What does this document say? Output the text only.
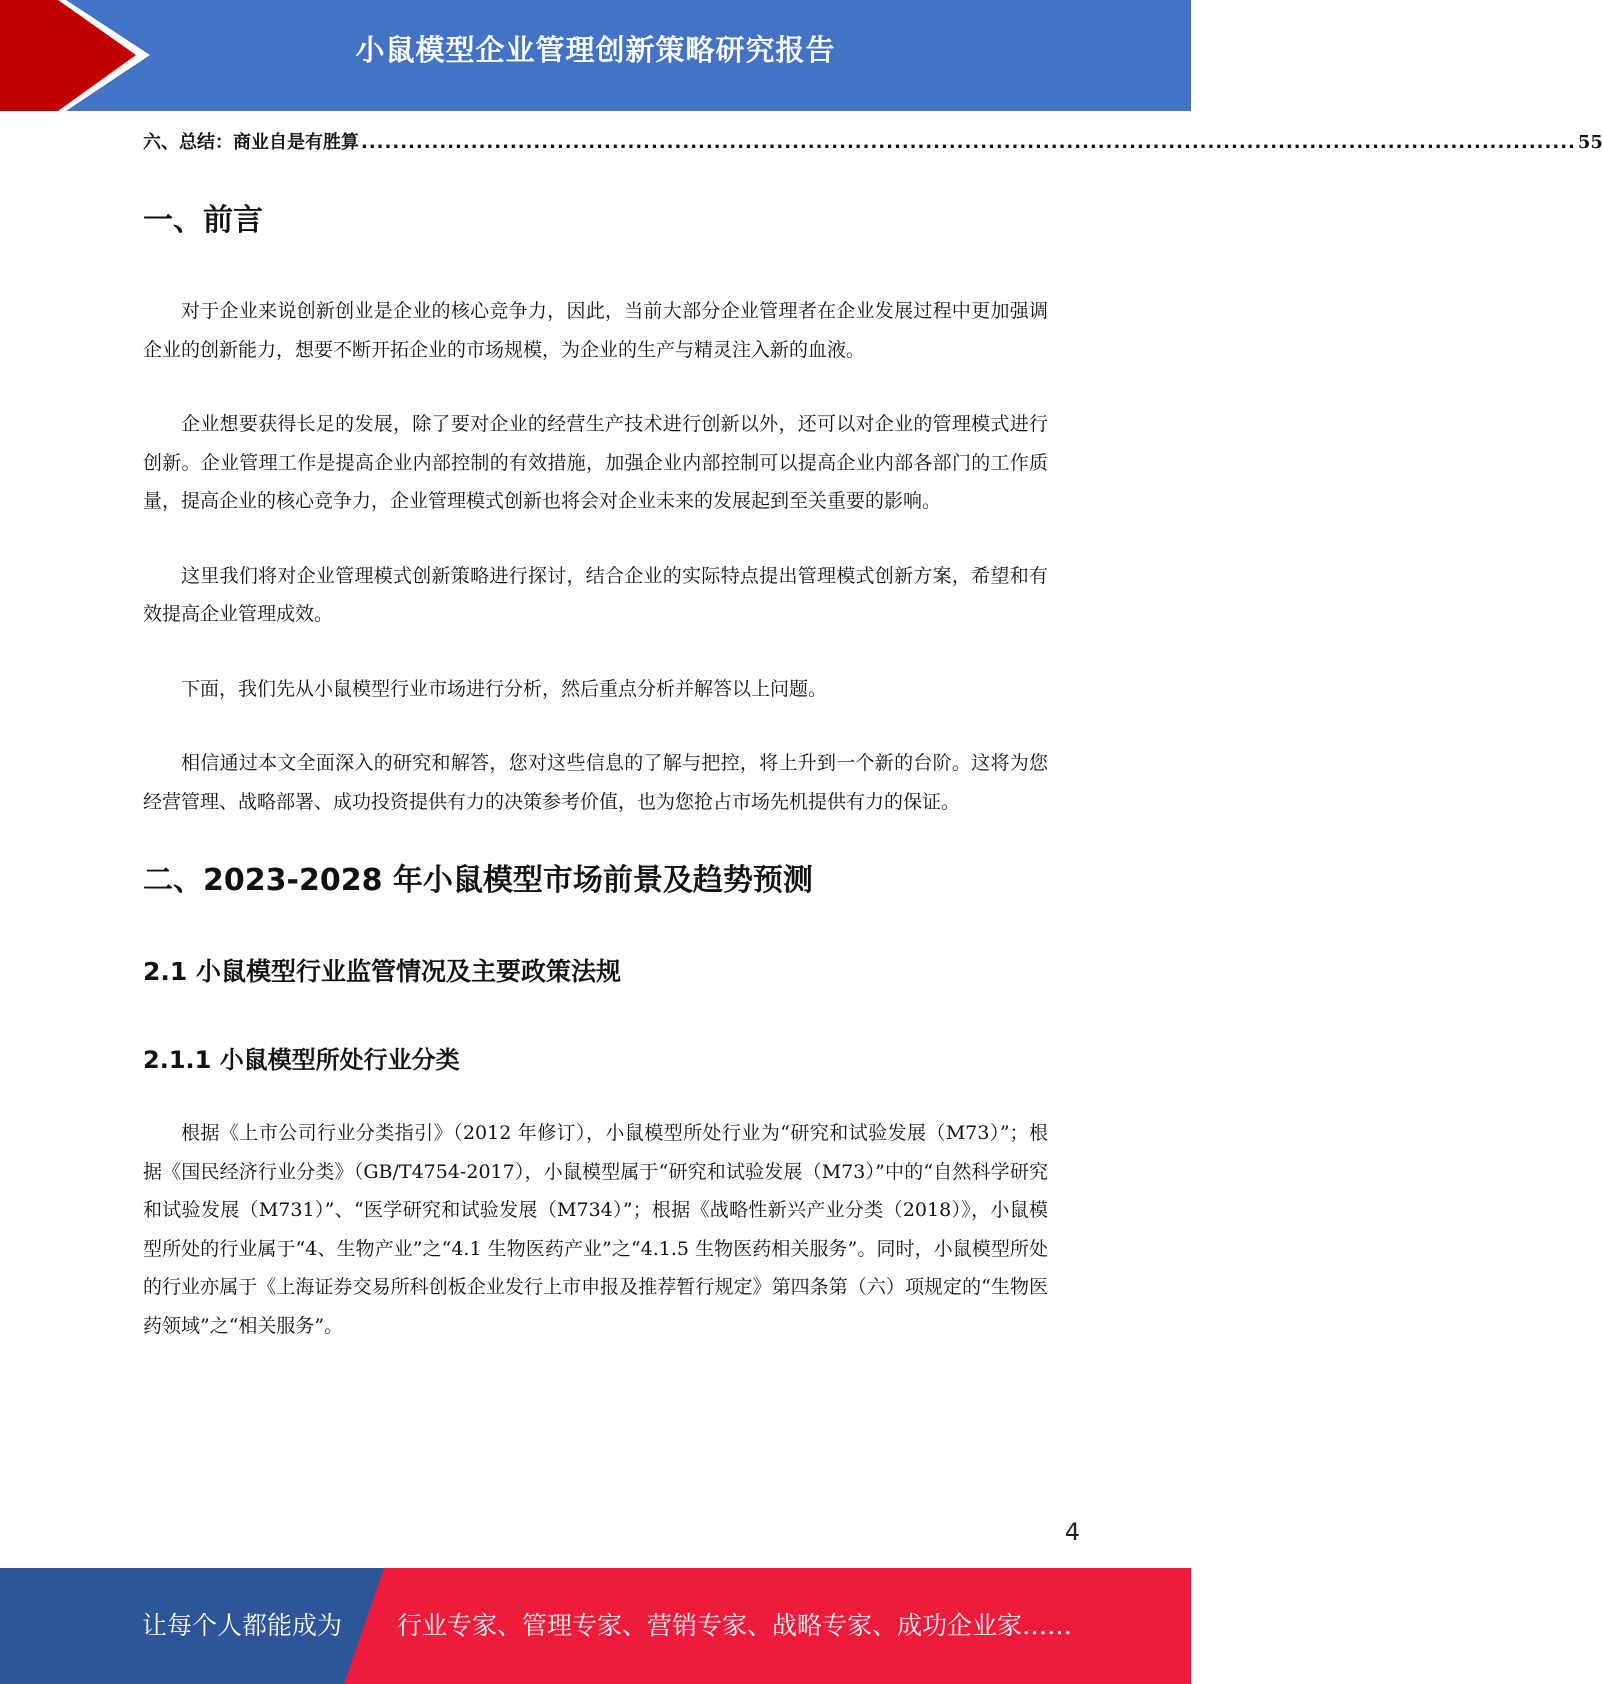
小鼠模型企业管理创新策略研究报告
六、总结：商业自是有胜算 ........................................................................................................................................................... 55
一、前言

对于企业来说创新创业是企业的核心竞争力，因此，当前大部分企业管理者在企业发展过程中更加强调企业的创新能力，想要不断开拓企业的市场规模，为企业的生产与精灵注入新的血液。

企业想要获得长足的发展，除了要对企业的经营生产技术进行创新以外，还可以对企业的管理模式进行创新。企业管理工作是提高企业内部控制的有效措施，加强企业内部控制可以提高企业内部各部门的工作质量，提高企业的核心竞争力，企业管理模式创新也将会对企业未来的发展起到至关重要的影响。

这里我们将对企业管理模式创新策略进行探讨，结合企业的实际特点提出管理模式创新方案，希望和有效提高企业管理成效。

下面，我们先从小鼠模型行业市场进行分析，然后重点分析并解答以上问题。

相信通过本文全面深入的研究和解答，您对这些信息的了解与把控，将上升到一个新的台阶。这将为您经营管理、战略部署、成功投资提供有力的决策参考价值，也为您抢占市场先机提供有力的保证。

二、2023-2028 年小鼠模型市场前景及趋势预测
2.1 小鼠模型行业监管情况及主要政策法规
2.1.1 小鼠模型所处行业分类

根据《上市公司行业分类指引》（2012 年修订），小鼠模型所处行业为“研究和试验发展（M73）”；根据《国民经济行业分类》（GB/T4754-2017），小鼠模型属于“研究和试验发展（M73）”中的“自然科学研究和试验发展（M731）”、“医学研究和试验发展（M734）”；根据《战略性新兴产业分类（2018）》，小鼠模型所处的行业属于“4、生物产业”之“4.1 生物医药产业”之“4.1.5 生物医药相关服务”。同时，小鼠模型所处的行业亦属于《上海证券交易所科创板企业发行上市申报及推荐暂行规定》第四条第（六）项规定的“生物医药领域”之“相关服务”。

4
让每个人都能成为 行业专家、管理专家、营销专家、战略专家、成功企业家……
